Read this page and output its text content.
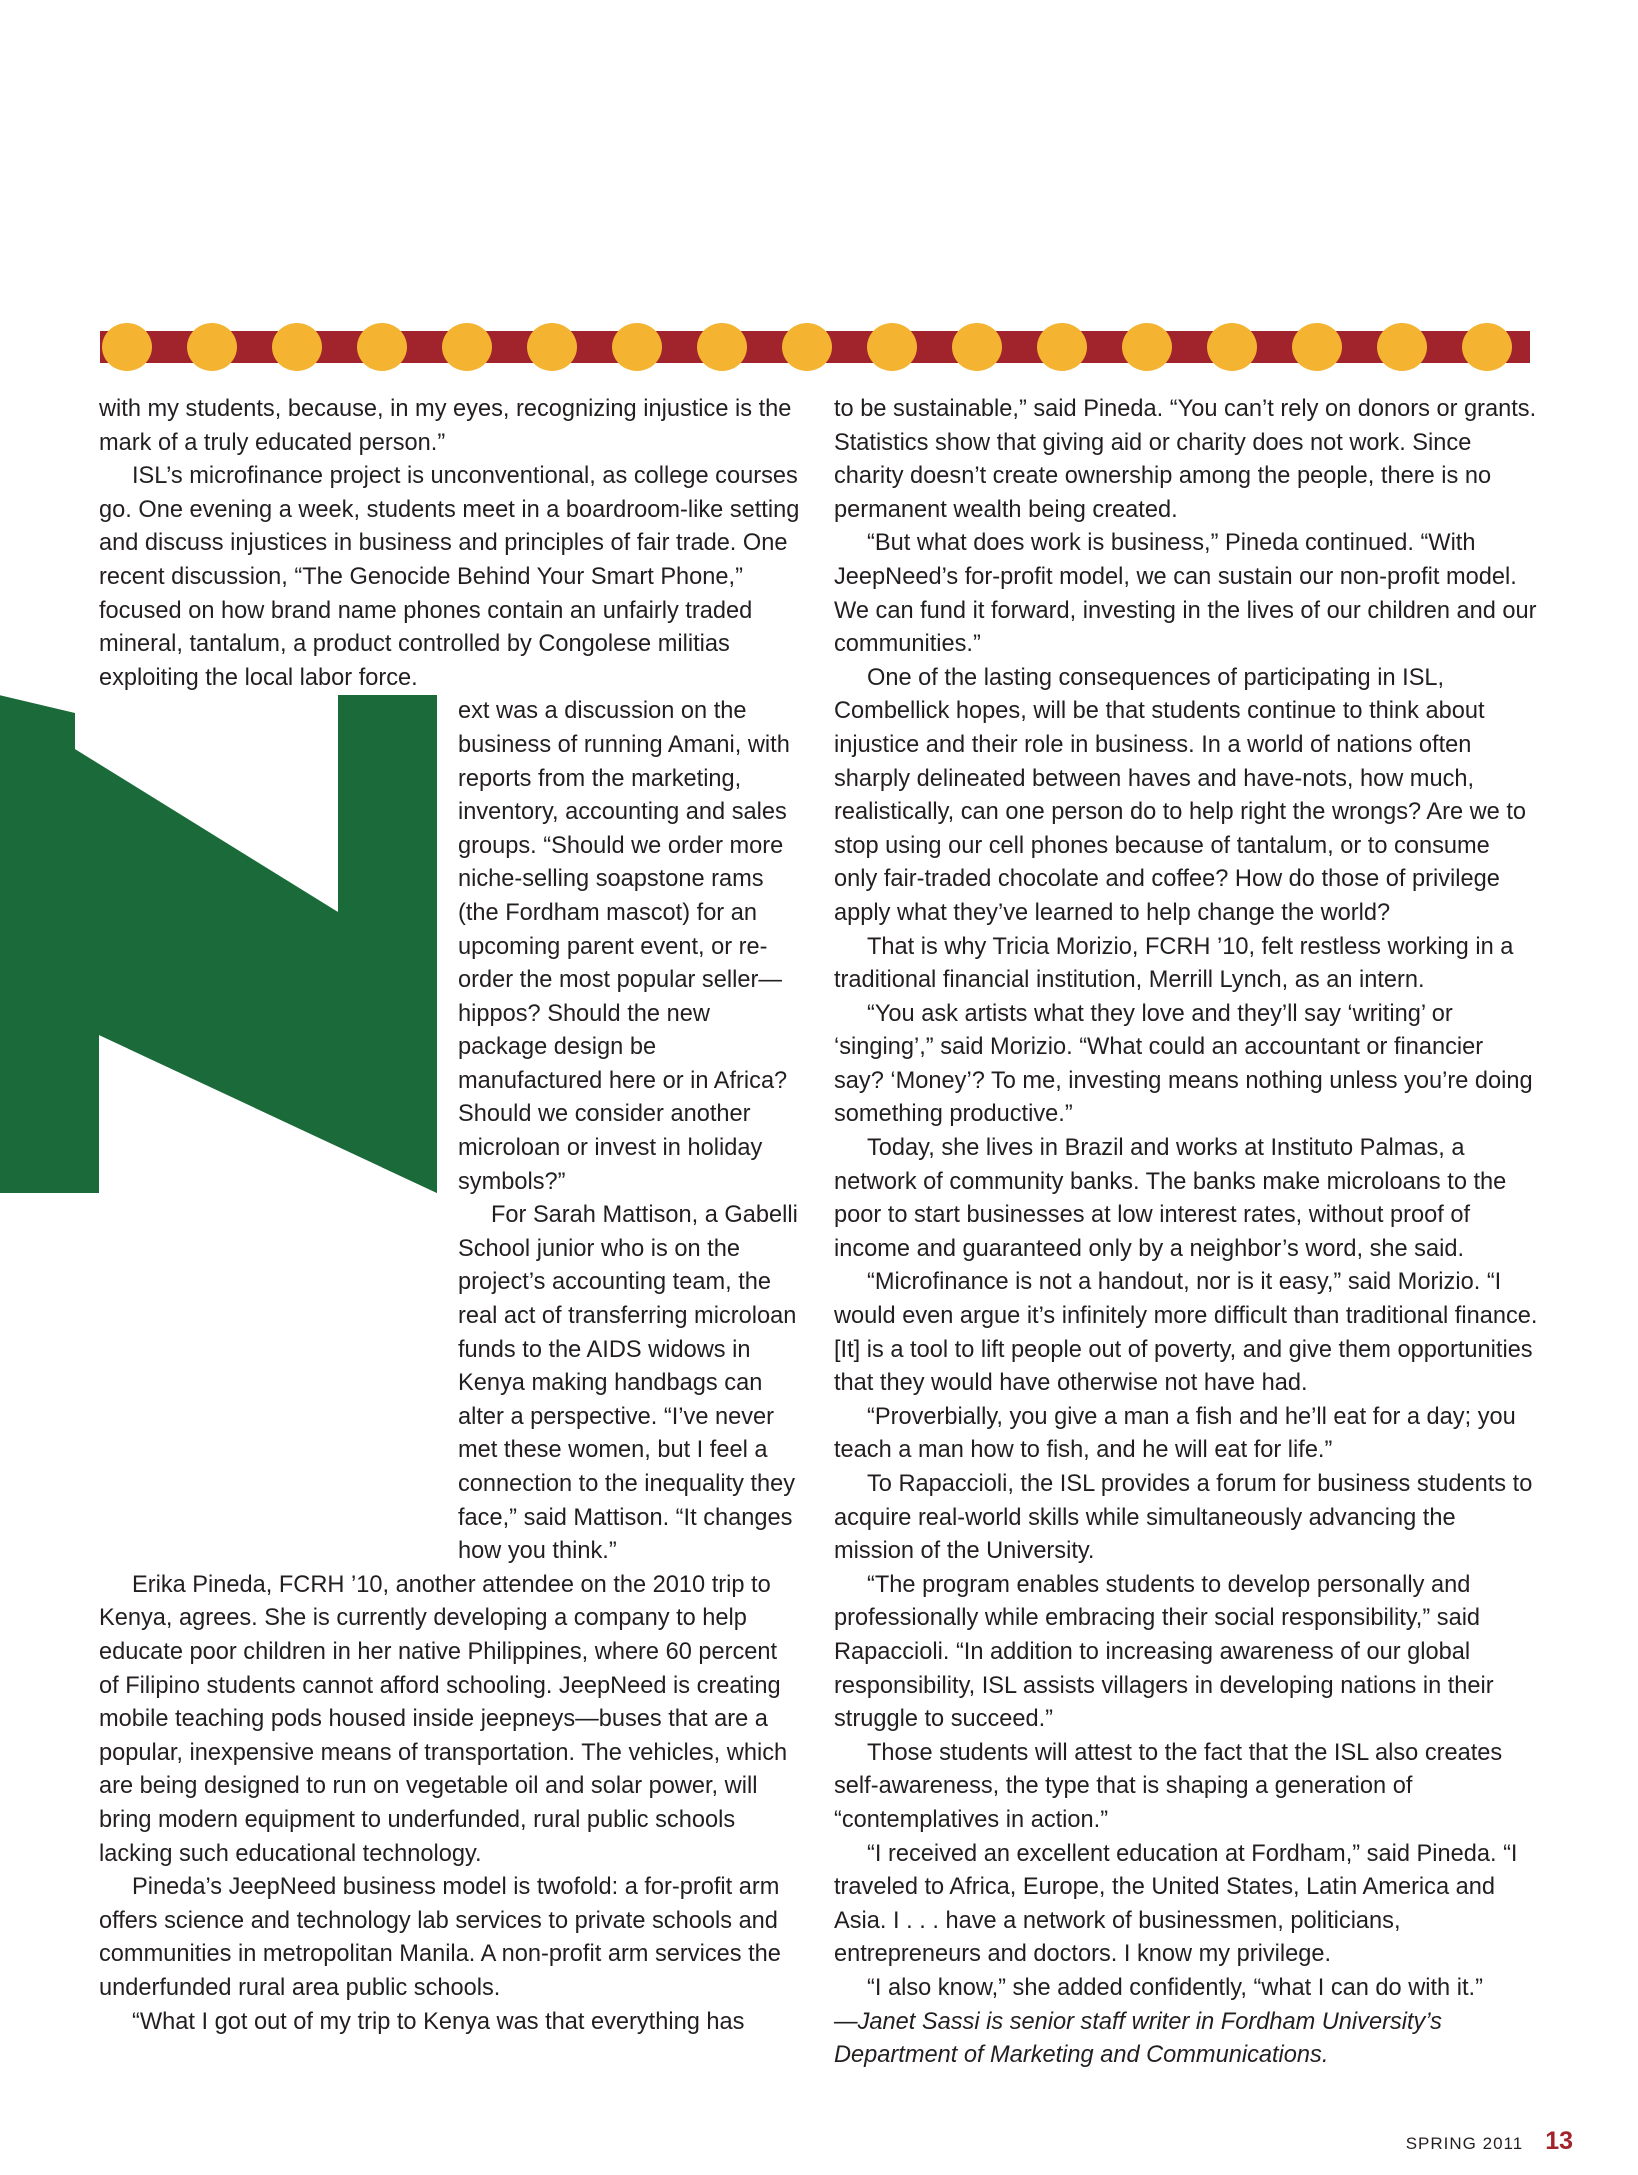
with my students, because, in my eyes, recognizing injustice is the mark of a truly educated person.”

ISL’s microfinance project is unconventional, as college courses go. One evening a week, students meet in a boardroom-like setting and discuss injustices in business and principles of fair trade. One recent discussion, “The Genocide Behind Your Smart Phone,” focused on how brand name phones contain an unfairly traded mineral, tantalum, a product controlled by Congolese militias exploiting the local labor force.

ext was a discussion on the business of running Amani, with reports from the marketing, inventory, accounting and sales groups. “Should we order more niche-selling soapstone rams (the Fordham mascot) for an upcoming parent event, or re-order the most popular seller—hippos? Should the new package design be manufactured here or in Africa? Should we consider another microloan or invest in holiday symbols?”

For Sarah Mattison, a Gabelli School junior who is on the project’s accounting team, the real act of transferring microloan funds to the AIDS widows in Kenya making handbags can alter a perspective. “I’ve never met these women, but I feel a connection to the inequality they face,” said Mattison. “It changes how you think.”

Erika Pineda, FCRH ’10, another attendee on the 2010 trip to Kenya, agrees. She is currently developing a company to help educate poor children in her native Philippines, where 60 percent of Filipino students cannot afford schooling. JeepNeed is creating mobile teaching pods housed inside jeepneys—buses that are a popular, inexpensive means of transportation. The vehicles, which are being designed to run on vegetable oil and solar power, will bring modern equipment to underfunded, rural public schools lacking such educational technology.

Pineda’s JeepNeed business model is twofold: a for-profit arm offers science and technology lab services to private schools and communities in metropolitan Manila. A non-profit arm services the underfunded rural area public schools.

“What I got out of my trip to Kenya was that everything has

to be sustainable,” said Pineda. “You can’t rely on donors or grants. Statistics show that giving aid or charity does not work. Since charity doesn’t create ownership among the people, there is no permanent wealth being created.

“But what does work is business,” Pineda continued. “With JeepNeed’s for-profit model, we can sustain our non-profit model. We can fund it forward, investing in the lives of our children and our communities.”

One of the lasting consequences of participating in ISL, Combellick hopes, will be that students continue to think about injustice and their role in business. In a world of nations often sharply delineated between haves and have-nots, how much, realistically, can one person do to help right the wrongs? Are we to stop using our cell phones because of tantalum, or to consume only fair-traded chocolate and coffee? How do those of privilege apply what they’ve learned to help change the world?

That is why Tricia Morizio, FCRH ’10, felt restless working in a traditional financial institution, Merrill Lynch, as an intern.

“You ask artists what they love and they’ll say ‘writing’ or ‘singing’,” said Morizio. “What could an accountant or financier say? ‘Money’? To me, investing means nothing unless you’re doing something productive.”

Today, she lives in Brazil and works at Instituto Palmas, a network of community banks. The banks make microloans to the poor to start businesses at low interest rates, without proof of income and guaranteed only by a neighbor’s word, she said.

“Microfinance is not a handout, nor is it easy,” said Morizio. “I would even argue it’s infinitely more difficult than traditional finance. [It] is a tool to lift people out of poverty, and give them opportunities that they would have otherwise not have had.

“Proverbially, you give a man a fish and he’ll eat for a day; you teach a man how to fish, and he will eat for life.”

To Rapaccioli, the ISL provides a forum for business students to acquire real-world skills while simultaneously advancing the mission of the University.

“The program enables students to develop personally and professionally while embracing their social responsibility,” said Rapaccioli. “In addition to increasing awareness of our global responsibility, ISL assists villagers in developing nations in their struggle to succeed.”

Those students will attest to the fact that the ISL also creates self-awareness, the type that is shaping a generation of “contemplatives in action.”

“I received an excellent education at Fordham,” said Pineda. “I traveled to Africa, Europe, the United States, Latin America and Asia. I . . . have a network of businessmen, politicians, entrepreneurs and doctors. I know my privilege.

“I also know,” she added confidently, “what I can do with it.”

—Janet Sassi is senior staff writer in Fordham University’s Department of Marketing and Communications.

SPRING 2011 13
